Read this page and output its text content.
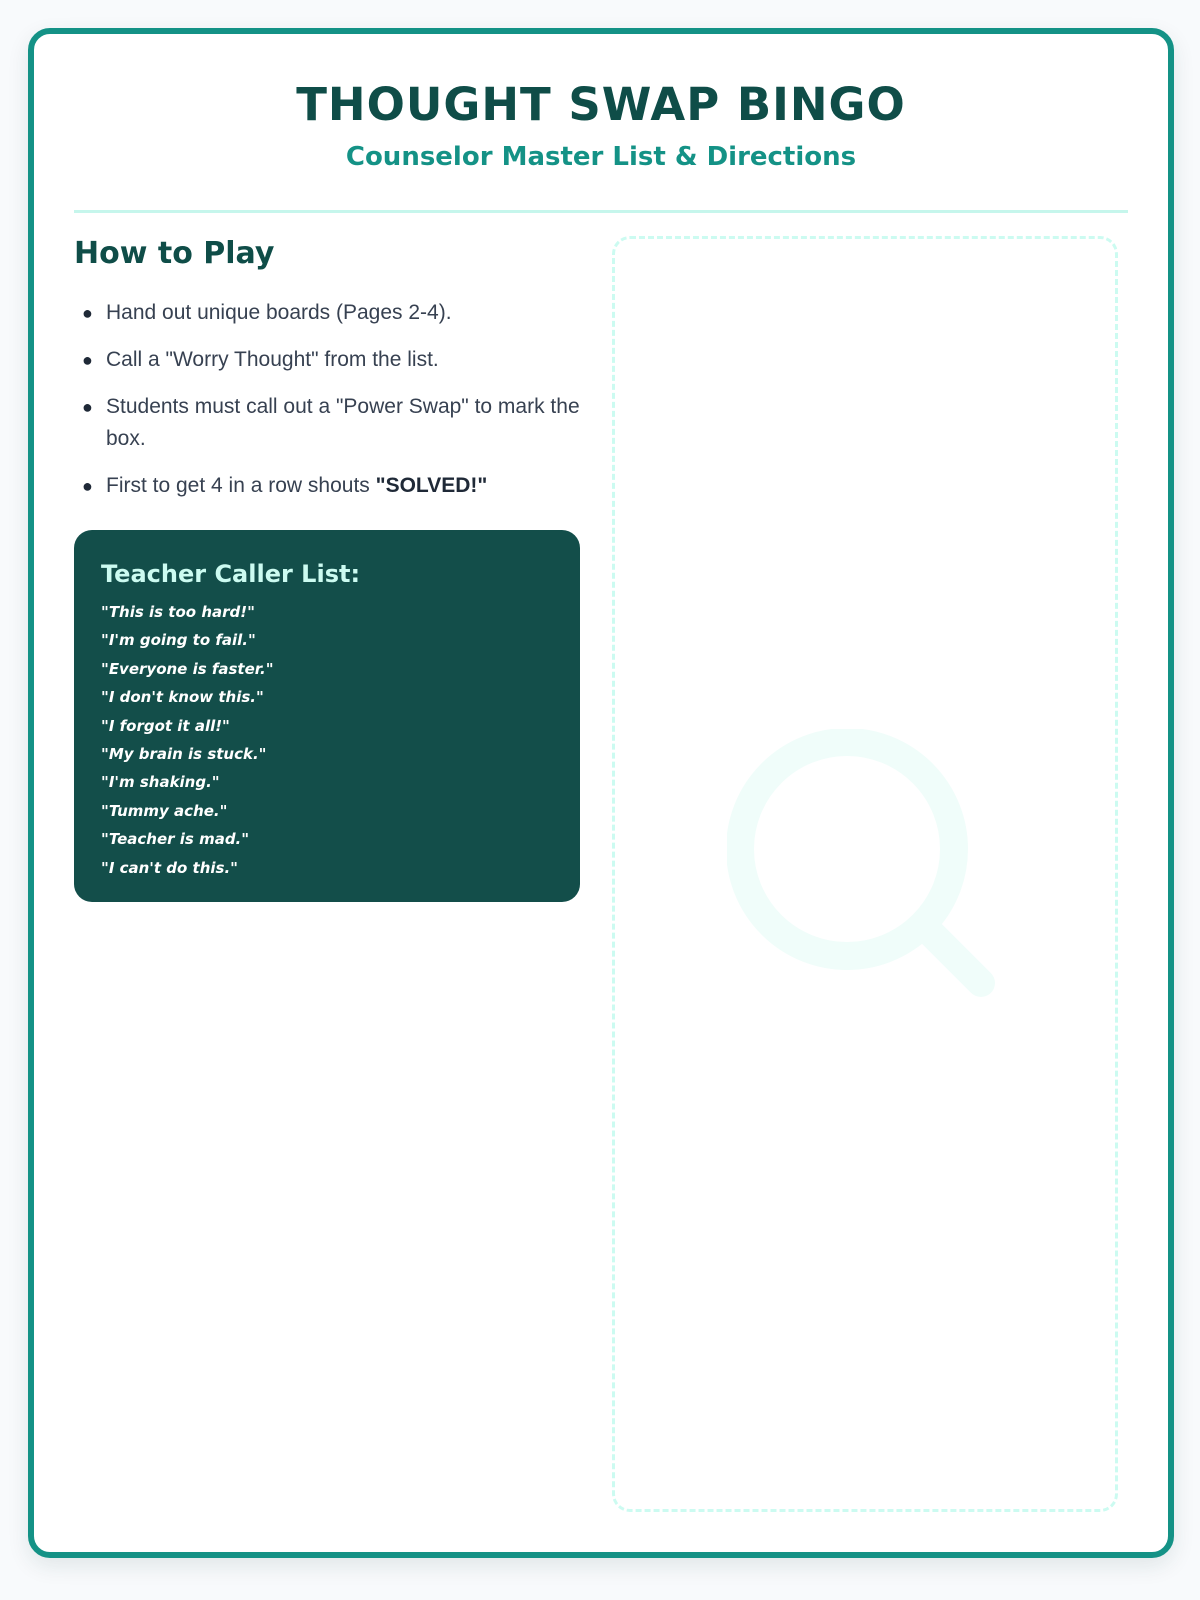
THOUGHT SWAP BINGO
Counselor Master List & Directions
How to Play
● Hand out unique boards (Pages 2-4).
● Call a "Worry Thought" from the list.
● Students must call out a "Power Swap" to mark the box.
● First to get 4 in a row shouts "SOLVED!"
Teacher Caller List:
"This is too hard!"
"I'm going to fail."
"Everyone is faster."
"I don't know this."
"I forgot it all!"
"My brain is stuck."
"I'm shaking."
"Tummy ache."
"Teacher is mad."
"I can't do this."
